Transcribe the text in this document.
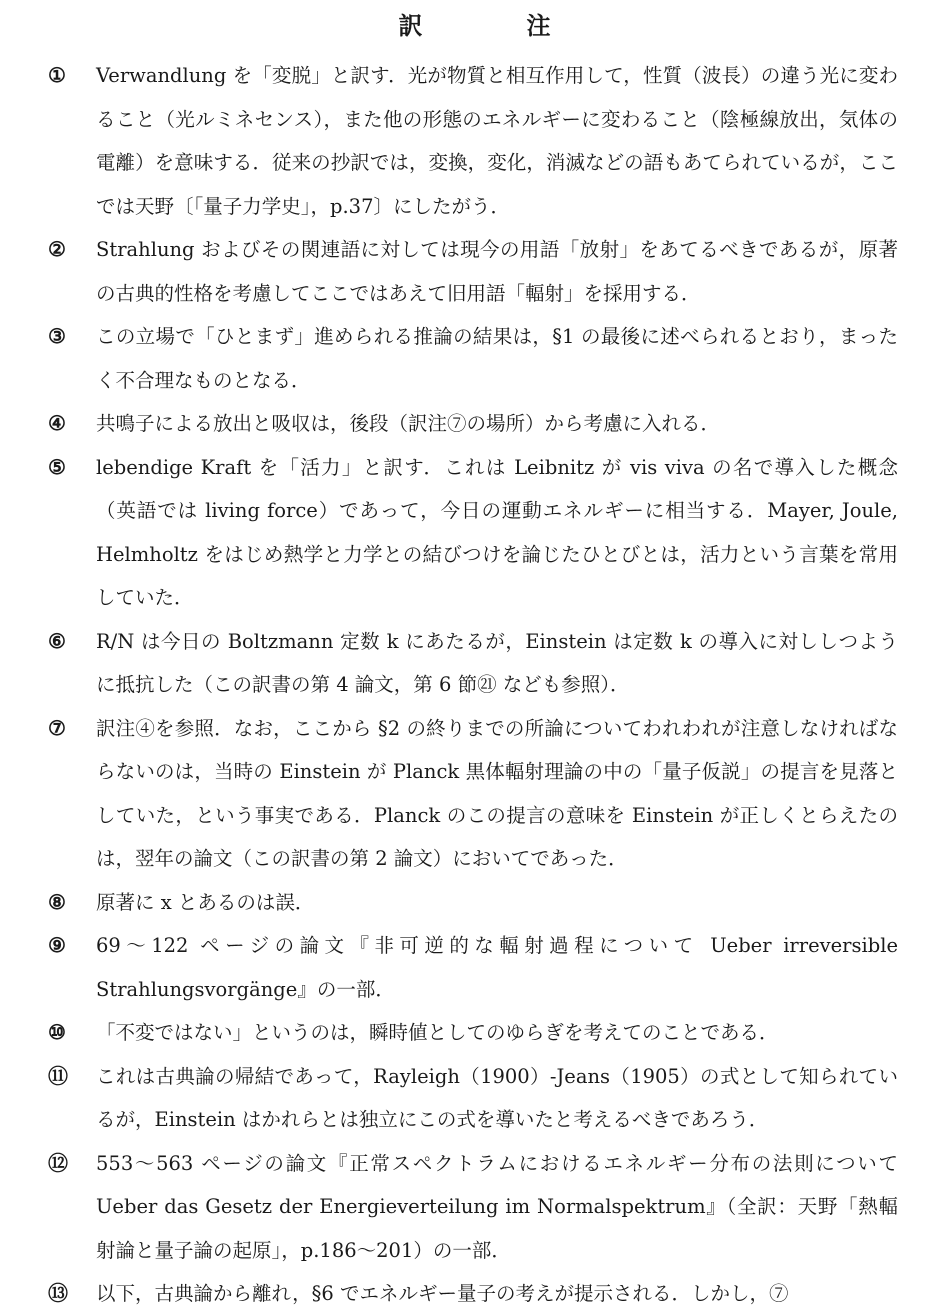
訳　注
①	Verwandlung を「変脱」と訳す．光が物質と相互作用して，性質（波長）の違う光に変わること（光ルミネセンス），また他の形態のエネルギーに変わること（陰極線放出，気体の電離）を意味する．従来の抄訳では，変換，変化，消滅などの語もあてられているが，ここでは天野〔「量子力学史」，p.37〕にしたがう．
②	Strahlung およびその関連語に対しては現今の用語「放射」をあてるべきであるが，原著の古典的性格を考慮してここではあえて旧用語「輻射」を採用する．
③	この立場で「ひとまず」進められる推論の結果は，§1 の最後に述べられるとおり，まったく不合理なものとなる．
④	共鳴子による放出と吸収は，後段（訳注⑦の場所）から考慮に入れる．
⑤	lebendige Kraft を「活力」と訳す．これは Leibnitz が vis viva の名で導入した概念（英語では living force）であって，今日の運動エネルギーに相当する．Mayer, Joule, Helmholtz をはじめ熱学と力学との結びつけを論じたひとびとは，活力という言葉を常用していた．
⑥	R/N は今日の Boltzmann 定数 k にあたるが，Einstein は定数 k の導入に対ししつように抵抗した（この訳書の第 4 論文，第 6 節㉑ なども参照）．
⑦	訳注④を参照．なお，ここから §2 の終りまでの所論についてわれわれが注意しなければならないのは，当時の Einstein が Planck 黒体輻射理論の中の「量子仮説」の提言を見落としていた，という事実である．Planck のこの提言の意味を Einstein が正しくとらえたのは，翌年の論文（この訳書の第 2 論文）においてであった．
⑧	原著に x とあるのは誤．
⑨	69～122 ページの論文『非可逆的な輻射過程について Ueber irreversible Strahlungsvorgänge』の一部．
⑩	「不変ではない」というのは，瞬時値としてのゆらぎを考えてのことである．
⑪ これは古典論の帰結であって，Rayleigh（1900）-Jeans（1905）の式として知られているが，Einstein はかれらとは独立にこの式を導いたと考えるべきであろう．
⑫ 553～563 ページの論文『正常スペクトラムにおけるエネルギー分布の法則について Ueber das Gesetz der Energieverteilung im Normalspektrum』（全訳：天野「熱輻射論と量子論の起原」，p.186～201）の一部．
⑬ 以下，古典論から離れ，§6 でエネルギー量子の考えが提示される．しかし，⑦
